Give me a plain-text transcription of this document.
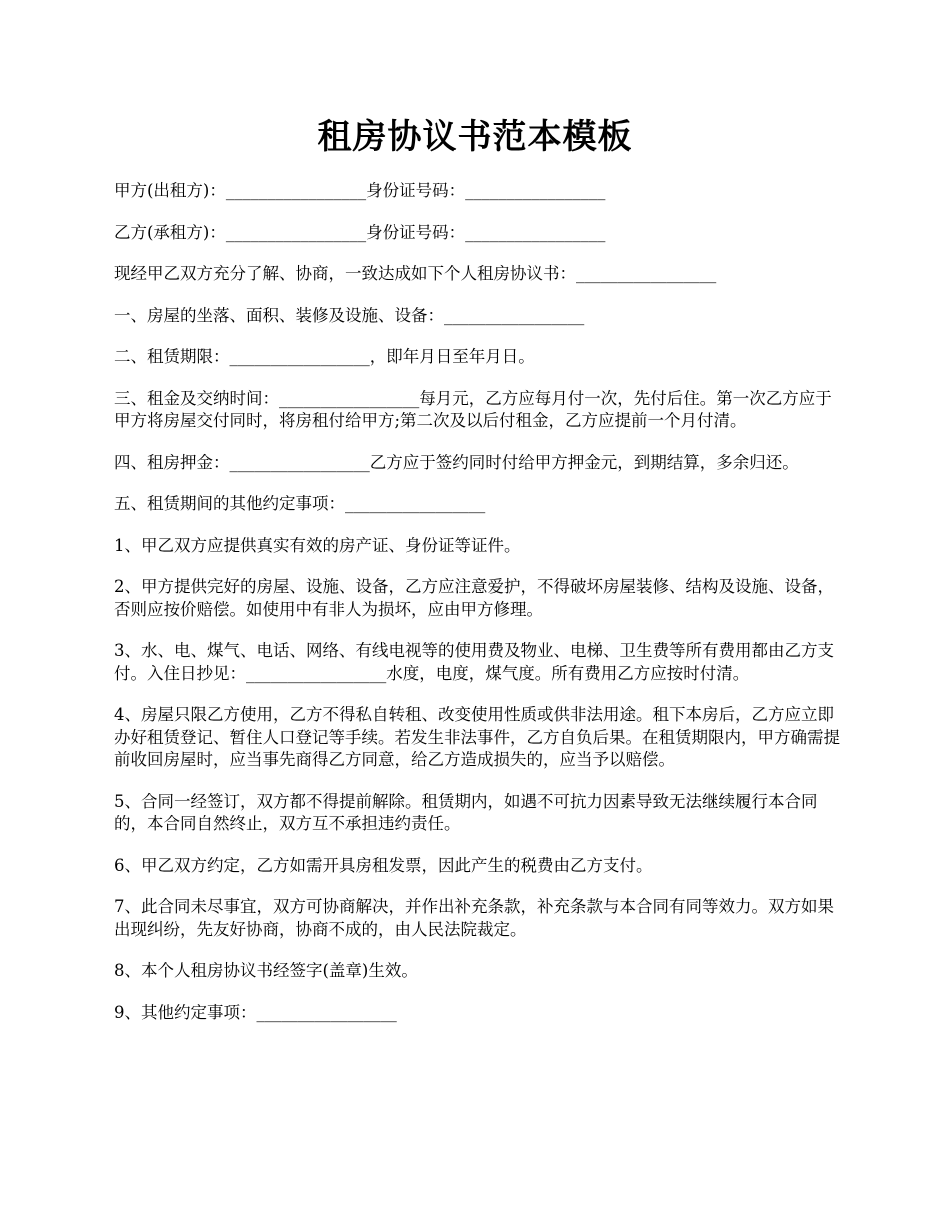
租房协议书范本模板

甲方(出租方)：_________________身份证号码：_________________

乙方(承租方)：_________________身份证号码：_________________

现经甲乙双方充分了解、协商，一致达成如下个人租房协议书：_________________

一、房屋的坐落、面积、装修及设施、设备：_________________

二、租赁期限：_________________，即年月日至年月日。

三、租金及交纳时间：_________________每月元，乙方应每月付一次，先付后住。第一次乙方应于甲方将房屋交付同时，将房租付给甲方;第二次及以后付租金，乙方应提前一个月付清。

四、租房押金：_________________乙方应于签约同时付给甲方押金元，到期结算，多余归还。

五、租赁期间的其他约定事项：_________________

1、甲乙双方应提供真实有效的房产证、身份证等证件。

2、甲方提供完好的房屋、设施、设备，乙方应注意爱护，不得破坏房屋装修、结构及设施、设备，否则应按价赔偿。如使用中有非人为损坏，应由甲方修理。

3、水、电、煤气、电话、网络、有线电视等的使用费及物业、电梯、卫生费等所有费用都由乙方支付。入住日抄见：_________________水度，电度，煤气度。所有费用乙方应按时付清。

4、房屋只限乙方使用，乙方不得私自转租、改变使用性质或供非法用途。租下本房后，乙方应立即办好租赁登记、暂住人口登记等手续。若发生非法事件，乙方自负后果。在租赁期限内，甲方确需提前收回房屋时，应当事先商得乙方同意，给乙方造成损失的，应当予以赔偿。

5、合同一经签订，双方都不得提前解除。租赁期内，如遇不可抗力因素导致无法继续履行本合同的，本合同自然终止，双方互不承担违约责任。

6、甲乙双方约定，乙方如需开具房租发票，因此产生的税费由乙方支付。

7、此合同未尽事宜，双方可协商解决，并作出补充条款，补充条款与本合同有同等效力。双方如果出现纠纷，先友好协商，协商不成的，由人民法院裁定。

8、本个人租房协议书经签字(盖章)生效。

9、其他约定事项：_________________
